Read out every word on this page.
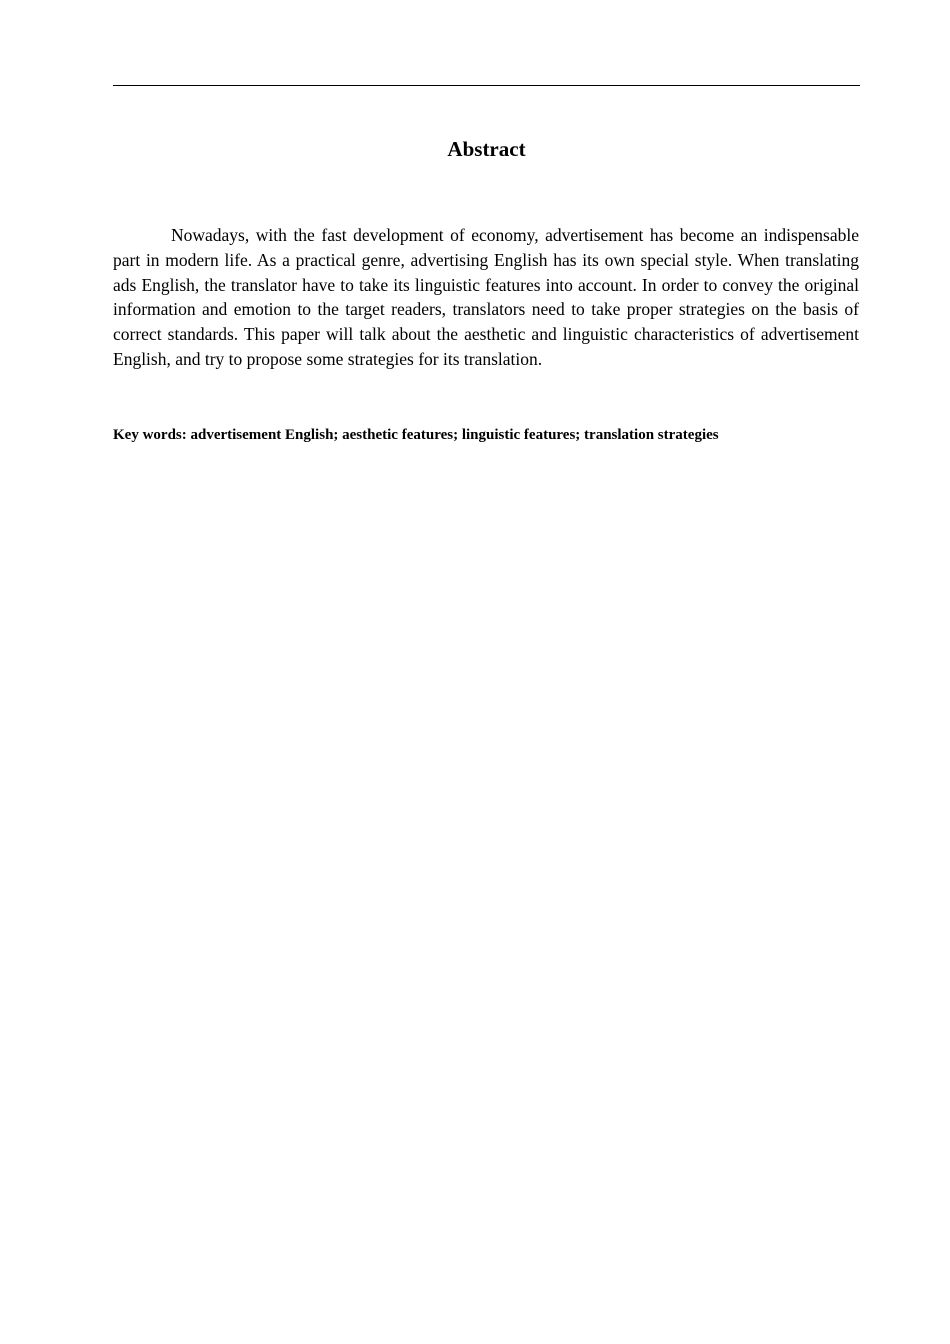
Abstract

Nowadays, with the fast development of economy, advertisement has become an indispensable part in modern life. As a practical genre, advertising English has its own special style. When translating ads English, the translator have to take its linguistic features into account. In order to convey the original information and emotion to the target readers, translators need to take proper strategies on the basis of correct standards. This paper will talk about the aesthetic and linguistic characteristics of advertisement English, and try to propose some strategies for its translation.

Key words: advertisement English; aesthetic features; linguistic features; translation strategies
